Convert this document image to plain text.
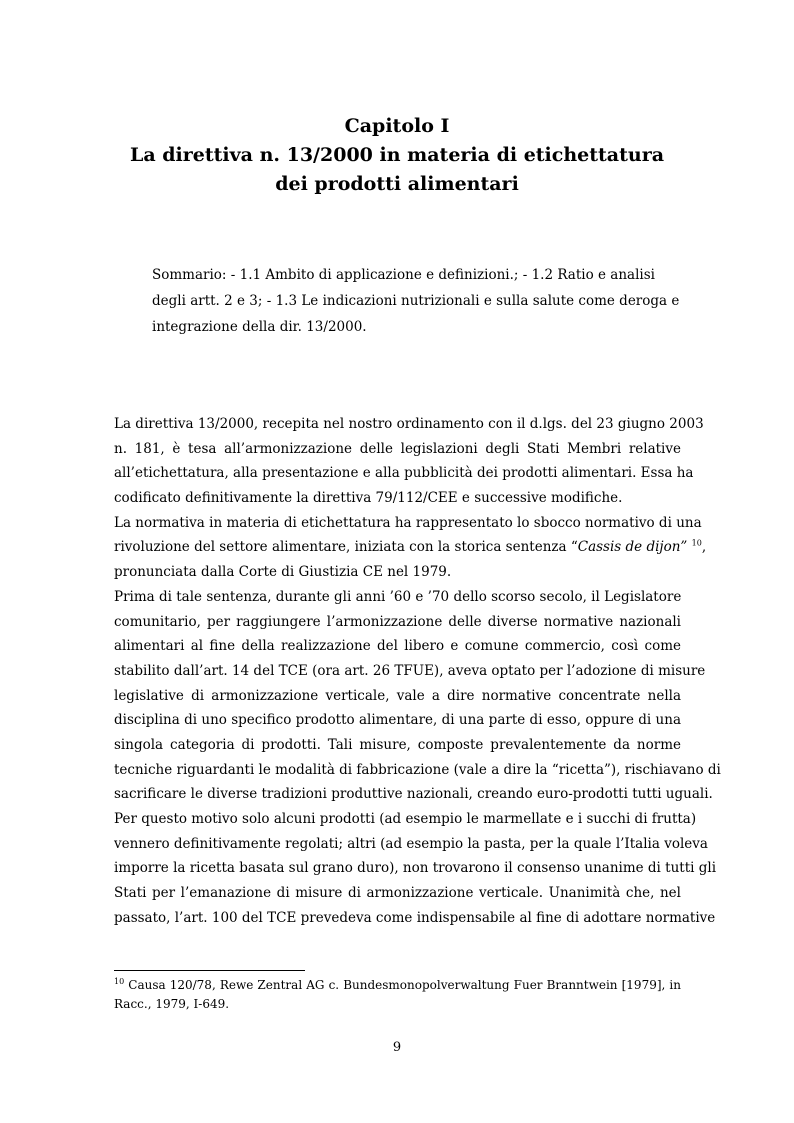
Capitolo I
La direttiva n. 13/2000 in materia di etichettatura
dei prodotti alimentari
Sommario: - 1.1 Ambito di applicazione e definizioni.; - 1.2 Ratio e analisi
degli artt. 2 e 3; - 1.3 Le indicazioni nutrizionali e sulla salute come deroga e
integrazione della dir. 13/2000.
La direttiva 13/2000, recepita nel nostro ordinamento con il d.lgs. del 23 giugno 2003
n. 181, è tesa all’armonizzazione delle legislazioni degli Stati Membri relative
all’etichettatura, alla presentazione e alla pubblicità dei prodotti alimentari. Essa ha
codificato definitivamente la direttiva 79/112/CEE e successive modifiche.
La normativa in materia di etichettatura ha rappresentato lo sbocco normativo di una
rivoluzione del settore alimentare, iniziata con la storica sentenza “Cassis de dijon” $^{10}$,
pronunciata dalla Corte di Giustizia CE nel 1979.
Prima di tale sentenza, durante gli anni ’60 e ’70 dello scorso secolo, il Legislatore
comunitario, per raggiungere l’armonizzazione delle diverse normative nazionali
alimentari al fine della realizzazione del libero e comune commercio, così come
stabilito dall’art. 14 del TCE (ora art. 26 TFUE), aveva optato per l’adozione di misure
legislative di armonizzazione verticale, vale a dire normative concentrate nella
disciplina di uno specifico prodotto alimentare, di una parte di esso, oppure di una
singola categoria di prodotti. Tali misure, composte prevalentemente da norme
tecniche riguardanti le modalità di fabbricazione (vale a dire la “ricetta”), rischiavano di
sacrificare le diverse tradizioni produttive nazionali, creando euro-prodotti tutti uguali.
Per questo motivo solo alcuni prodotti (ad esempio le marmellate e i succhi di frutta)
vennero definitivamente regolati; altri (ad esempio la pasta, per la quale l’Italia voleva
imporre la ricetta basata sul grano duro), non trovarono il consenso unanime di tutti gli
Stati per l’emanazione di misure di armonizzazione verticale. Unanimità che, nel
passato, l’art. 100 del TCE prevedeva come indispensabile al fine di adottare normative
$^{10}$ Causa 120/78, Rewe Zentral AG c. Bundesmonopolverwaltung Fuer Branntwein [1979], in
Racc., 1979, I-649.
9
